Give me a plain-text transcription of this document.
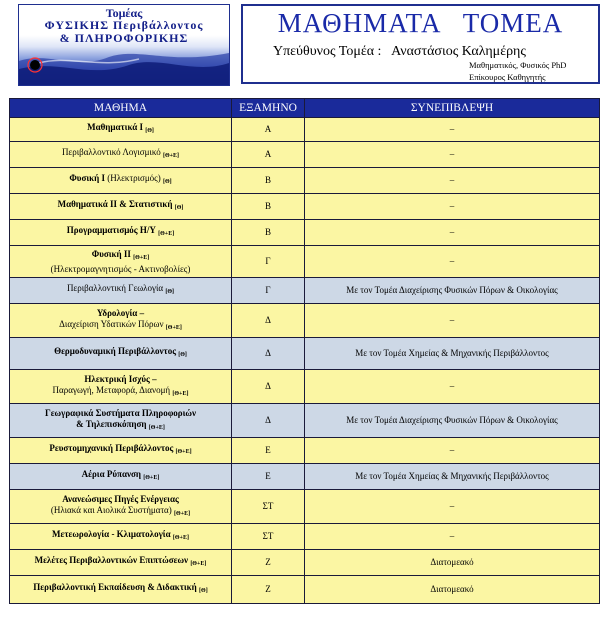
Τομέας
ΦΥΣΙΚΗΣ Περιβάλλοντος
& ΠΛΗΡΟΦΟΡΙΚΗΣ	ΜΑΘΗΜΑΤΑ   ΤΟΜΕΑ
Υπεύθυνος Τομέα :   Αναστάσιος Καλημέρης
Μαθηματικός, Φυσικός PhD
Επίκουρος Καθηγητής
ΜΑΘΗΜΑ	ΕΞΑΜΗΝΟ	ΣΥΝΕΠΙΒΛΕΨΗ

Μαθηματικά Ι $_{[\Theta]}$	Α	–

Περιβαλλοντικό Λογισμικό $_{[\Theta+E]}$	Α	–

Φυσική Ι (Ηλεκτρισμός) $_{[\Theta]}$	Β	–

Μαθηματικά ΙΙ & Στατιστική $_{[\Theta]}$	Β	–

Προγραμματισμός Η/Υ $_{[\Theta+E]}$	Β	–

Φυσική ΙΙ $_{[\Theta+E]}$
(Ηλεκτρομαγνητισμός - Ακτινοβολίες)	Γ	–

Περιβαλλοντική Γεωλογία $_{[\Theta]}$	Γ	Με τον Τομέα Διαχείρισης Φυσικών Πόρων & Οικολογίας

Υδρολογία –
Διαχείριση Υδατικών Πόρων $_{[\Theta+E]}$	Δ	–

Θερμοδυναμική Περιβάλλοντος $_{[\Theta]}$	Δ	Με τον Τομέα Χημείας & Μηχανικής Περιβάλλοντος

Ηλεκτρική Ισχύς –
Παραγωγή, Μεταφορά, Διανομή $_{[\Theta+E]}$	Δ	–

Γεωγραφικά Συστήματα Πληροφοριών
& Τηλεπισκόπηση $_{[\Theta+E]}$	Δ	Με τον Τομέα Διαχείρισης Φυσικών Πόρων & Οικολογίας

Ρευστομηχανική Περιβάλλοντος $_{[\Theta+E]}$	Ε	–

Αέρια Ρύπανση $_{[\Theta+E]}$	Ε	Με τον Τομέα Χημείας & Μηχανικής Περιβάλλοντος

Ανανεώσιμες Πηγές Ενέργειας
(Ηλιακά και Αιολικά Συστήματα) $_{[\Theta+E]}$	ΣΤ	–

Μετεωρολογία - Κλιματολογία $_{[\Theta+E]}$	ΣΤ	–

Μελέτες Περιβαλλοντικών Επιπτώσεων $_{[\Theta+E]}$	Ζ	Διατομεακό

Περιβαλλοντική Εκπαίδευση & Διδακτική $_{[\Theta]}$	Ζ	Διατομεακό
